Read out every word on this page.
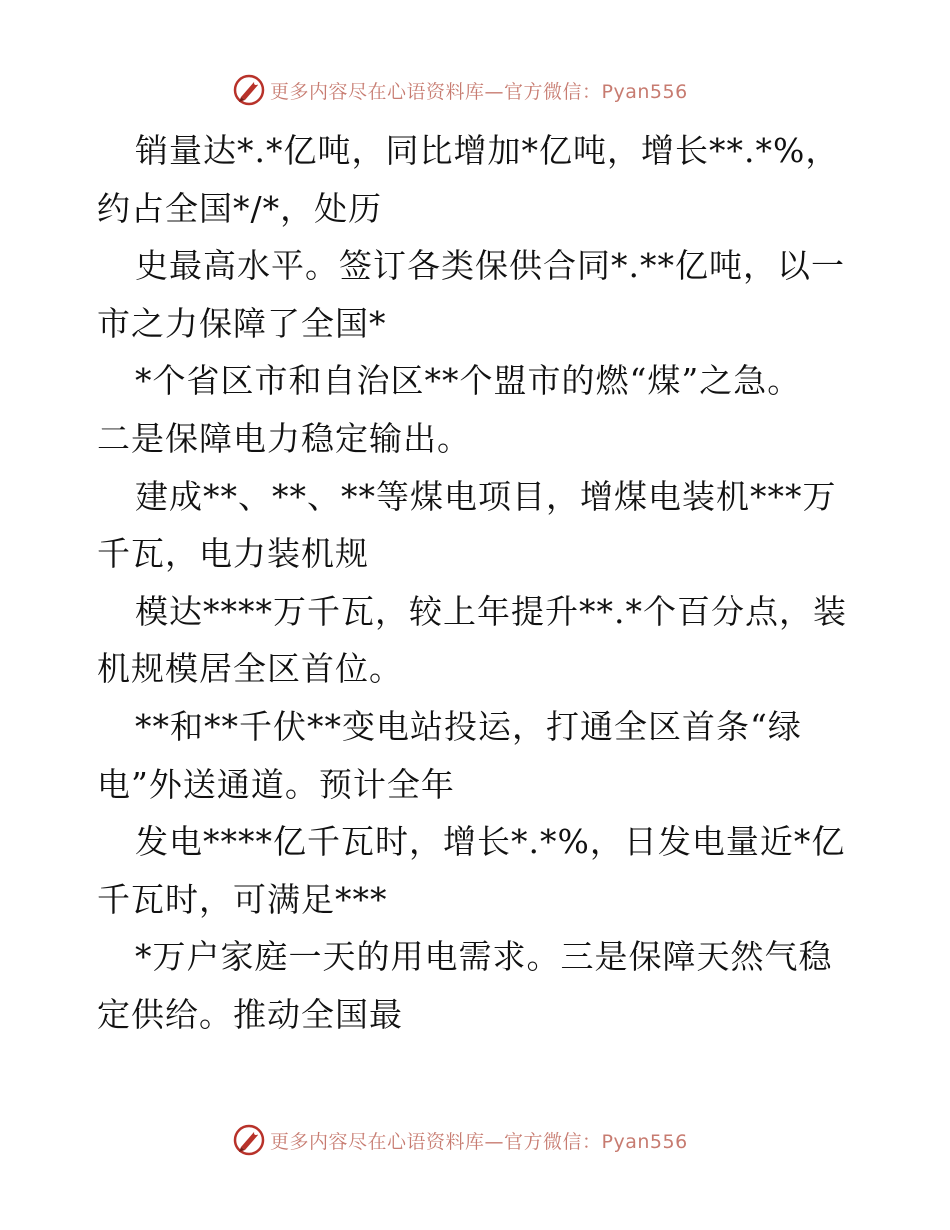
更多内容尽在心语资料库—官方微信：Pyan556
销量达*.*亿吨，同比增加*亿吨，增长**.*%，
约占全国*/*，处历
史最高水平。签订各类保供合同*.**亿吨，以一
市之力保障了全国*
*个省区市和自治区**个盟市的燃“煤”之急。
二是保障电力稳定输出。
建成**、**、**等煤电项目，增煤电装机***万
千瓦，电力装机规
模达****万千瓦，较上年提升**.*个百分点，装
机规模居全区首位。
**和**千伏**变电站投运，打通全区首条“绿
电”外送通道。预计全年
发电****亿千瓦时，增长*.*%，日发电量近*亿
千瓦时，可满足***
*万户家庭一天的用电需求。三是保障天然气稳
定供给。推动全国最
更多内容尽在心语资料库—官方微信：Pyan556
